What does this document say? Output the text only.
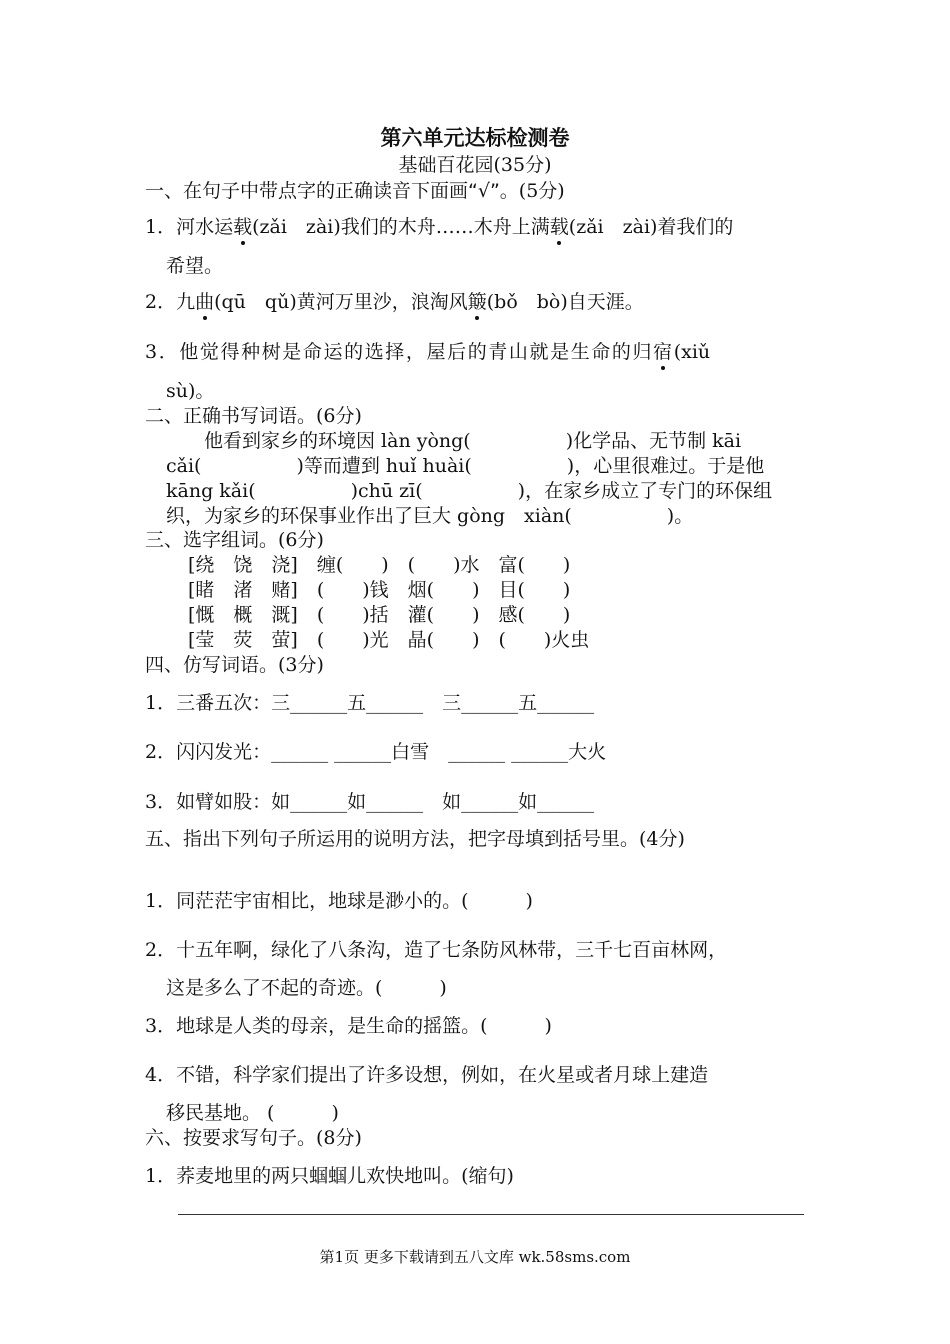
第六单元达标检测卷
基础百花园(35分)
一、在句子中带点字的正确读音下面画“√”。(5分)
1．河水运载(zǎi　zài)我们的木舟……木舟上满载(zǎi　zài)着我们的
希望。
2．九曲(qū　qǔ)黄河万里沙，浪淘风簸(bǒ　bò)自天涯。
3．他觉得种树是命运的选择，屋后的青山就是生命的归宿(xiǔ
sù)。
二、正确书写词语。(6分)
　　他看到家乡的环境因 làn yòng(　　　　　)化学品、无节制 kāi
cǎi(　　　　　)等而遭到 huǐ huài(　　　　　)，心里很难过。于是他
kāng kǎi(　　　　　)chū zī(　　　　　)，在家乡成立了专门的环保组
织，为家乡的环保事业作出了巨大 gòng　xiàn(　　　　　)。
三、选字组词。(6分)
[绕　饶　浇]　缠(　　)　(　　)水　富(　　)
[睹　渚　赌]　(　　)钱　烟(　　)　目(　　)
[慨　概　溉]　(　　)括　灌(　　)　感(　　)
[莹　荧　萤]　(　　)光　晶(　　)　(　　)火虫
四、仿写词语。(3分)
1．三番五次：三______五______　三______五______
2．闪闪发光：______ ______白雪　______ ______大火
3．如臂如股：如______如______　如______如______
五、指出下列句子所运用的说明方法，把字母填到括号里。(4分)
1．同茫茫宇宙相比，地球是渺小的。(　　　)
2．十五年啊，绿化了八条沟，造了七条防风林带，三千七百亩林网，
这是多么了不起的奇迹。(　　　)
3．地球是人类的母亲，是生命的摇篮。(　　　)
4．不错，科学家们提出了许多设想，例如，在火星或者月球上建造
移民基地。 (　　　)
六、按要求写句子。(8分)
1．荞麦地里的两只蝈蝈儿欢快地叫。(缩句)
第1页 更多下载请到五八文库 wk.58sms.com
